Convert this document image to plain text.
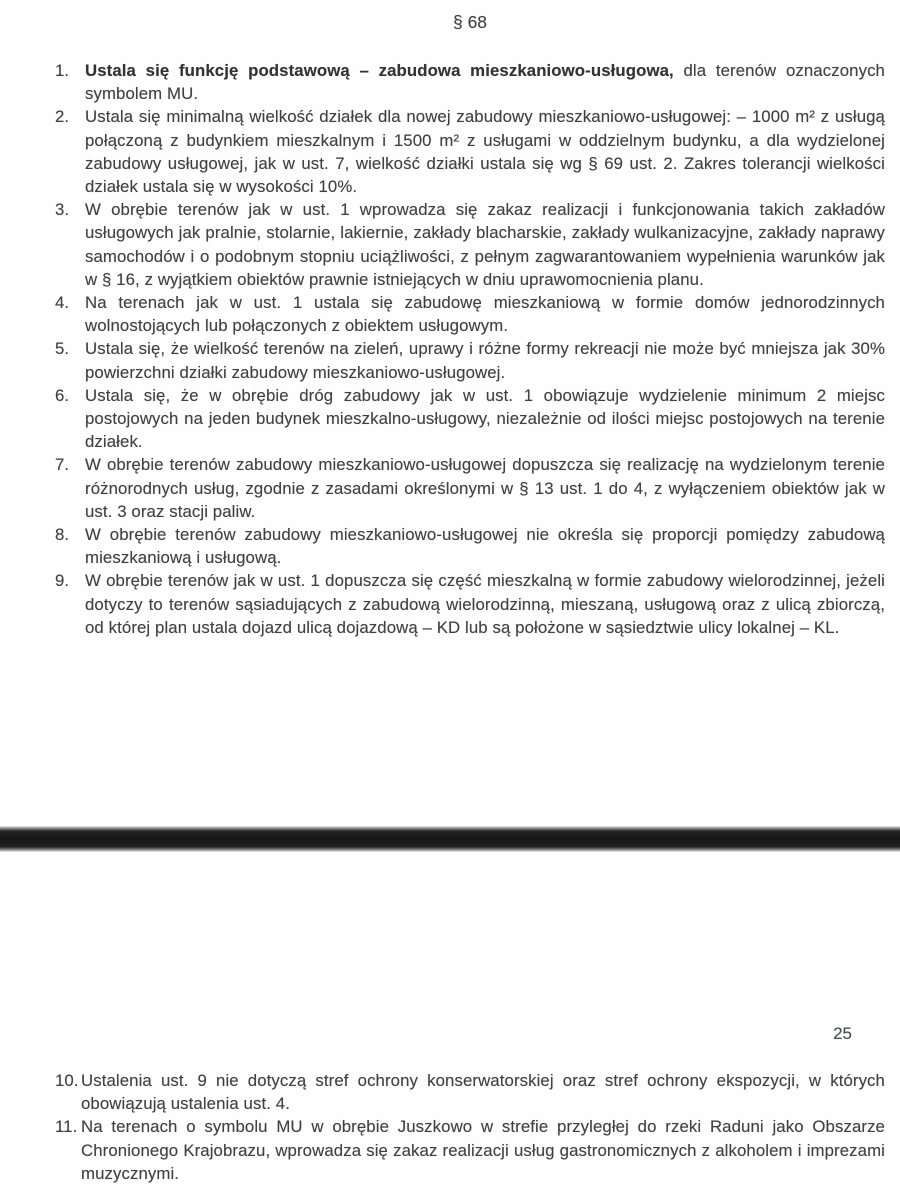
§ 68
1. Ustala się funkcję podstawową – zabudowa mieszkaniowo-usługowa, dla terenów oznaczonych symbolem MU.

2. Ustala się minimalną wielkość działek dla nowej zabudowy mieszkaniowo-usługowej: – 1000 m² z usługą połączoną z budynkiem mieszkalnym i 1500 m² z usługami w oddzielnym budynku, a dla wydzielonej zabudowy usługowej, jak w ust. 7, wielkość działki ustala się wg § 69 ust. 2. Zakres tolerancji wielkości działek ustala się w wysokości 10%.

3. W obrębie terenów jak w ust. 1 wprowadza się zakaz realizacji i funkcjonowania takich zakładów usługowych jak pralnie, stolarnie, lakiernie, zakłady blacharskie, zakłady wulkanizacyjne, zakłady naprawy samochodów i o podobnym stopniu uciążliwości, z pełnym zagwarantowaniem wypełnienia warunków jak w § 16, z wyjątkiem obiektów prawnie istniejących w dniu uprawomocnienia planu.

4. Na terenach jak w ust. 1 ustala się zabudowę mieszkaniową w formie domów jednorodzinnych wolnostojących lub połączonych z obiektem usługowym.

5. Ustala się, że wielkość terenów na zieleń, uprawy i różne formy rekreacji nie może być mniejsza jak 30% powierzchni działki zabudowy mieszkaniowo-usługowej.

6. Ustala się, że w obrębie dróg zabudowy jak w ust. 1 obowiązuje wydzielenie minimum 2 miejsc postojowych na jeden budynek mieszkalno-usługowy, niezależnie od ilości miejsc postojowych na terenie działek.

7. W obrębie terenów zabudowy mieszkaniowo-usługowej dopuszcza się realizację na wydzielonym terenie różnorodnych usług, zgodnie z zasadami określonymi w § 13 ust. 1 do 4, z wyłączeniem obiektów jak w ust. 3 oraz stacji paliw.

8. W obrębie terenów zabudowy mieszkaniowo-usługowej nie określa się proporcji pomiędzy zabudową mieszkaniową i usługową.

9. W obrębie terenów jak w ust. 1 dopuszcza się część mieszkalną w formie zabudowy wielorodzinnej, jeżeli dotyczy to terenów sąsiadujących z zabudową wielorodzinną, mieszaną, usługową oraz z ulicą zbiorczą, od której plan ustala dojazd ulicą dojazdową – KD lub są położone w sąsiedztwie ulicy lokalnej – KL.

25
10. Ustalenia ust. 9 nie dotyczą stref ochrony konserwatorskiej oraz stref ochrony ekspozycji, w których obowiązują ustalenia ust. 4.

11. Na terenach o symbolu MU w obrębie Juszkowo w strefie przyległej do rzeki Raduni jako Obszarze Chronionego Krajobrazu, wprowadza się zakaz realizacji usług gastronomicznych z alkoholem i imprezami muzycznymi.
